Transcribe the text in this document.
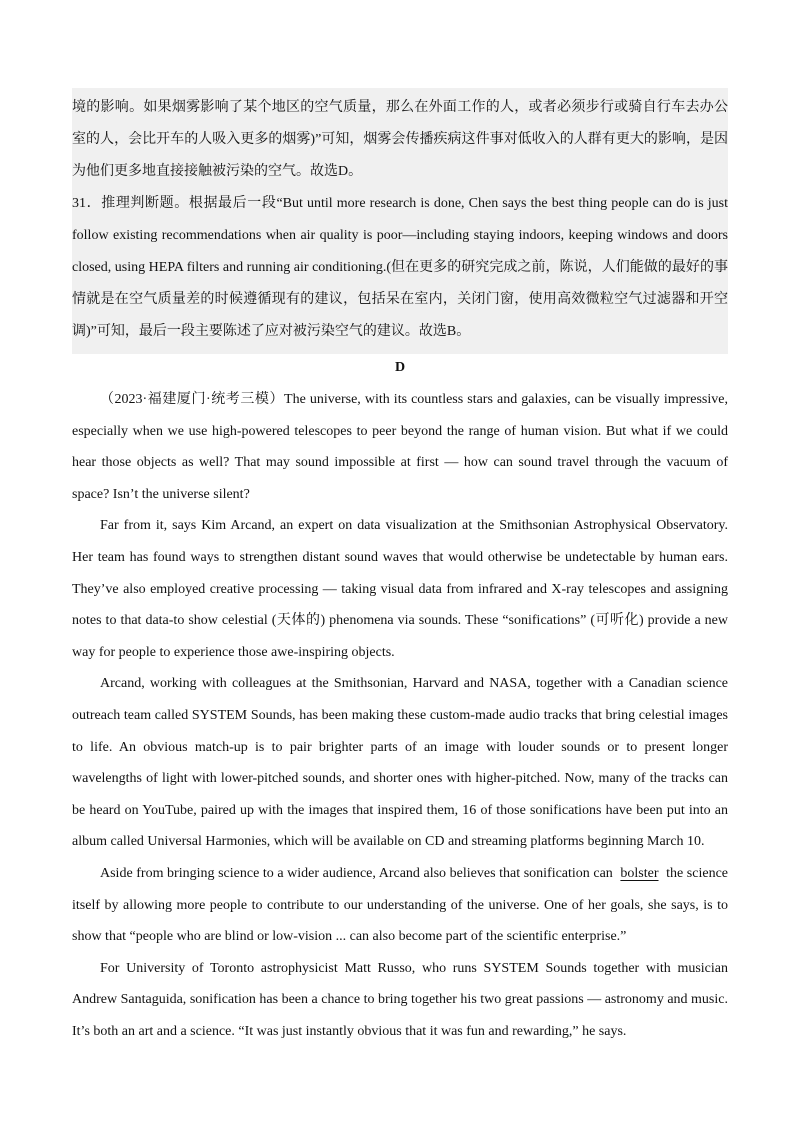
境的影响。如果烟雾影响了某个地区的空气质量，那么在外面工作的人，或者必须步行或骑自行车去办公室的人，会比开车的人吸入更多的烟雾)”可知，烟雾会传播疾病这件事对低收入的人群有更大的影响，是因为他们更多地直接接触被污染的空气。故选D。

31．推理判断题。根据最后一段“But until more research is done, Chen says the best thing people can do is just follow existing recommendations when air quality is poor—including staying indoors, keeping windows and doors closed, using HEPA filters and running air conditioning.(但在更多的研究完成之前，陈说，人们能做的最好的事情就是在空气质量差的时候遵循现有的建议，包括呆在室内，关闭门窗，使用高效微粒空气过滤器和开空调)”可知，最后一段主要陈述了应对被污染空气的建议。故选B。

D

（2023·福建厦门·统考三模）The universe, with its countless stars and galaxies, can be visually impressive, especially when we use high-powered telescopes to peer beyond the range of human vision. But what if we could hear those objects as well? That may sound impossible at first — how can sound travel through the vacuum of space? Isn’t the universe silent?

Far from it, says Kim Arcand, an expert on data visualization at the Smithsonian Astrophysical Observatory. Her team has found ways to strengthen distant sound waves that would otherwise be undetectable by human ears. They’ve also employed creative processing — taking visual data from infrared and X-ray telescopes and assigning notes to that data-to show celestial (天体的) phenomena via sounds. These “sonifications” (可听化) provide a new way for people to experience those awe-inspiring objects.

Arcand, working with colleagues at the Smithsonian, Harvard and NASA, together with a Canadian science outreach team called SYSTEM Sounds, has been making these custom-made audio tracks that bring celestial images to life. An obvious match-up is to pair brighter parts of an image with louder sounds or to present longer wavelengths of light with lower-pitched sounds, and shorter ones with higher-pitched. Now, many of the tracks can be heard on YouTube, paired up with the images that inspired them, 16 of those sonifications have been put into an album called Universal Harmonies, which will be available on CD and streaming platforms beginning March 10.

Aside from bringing science to a wider audience, Arcand also believes that sonification can bolster the science itself by allowing more people to contribute to our understanding of the universe. One of her goals, she says, is to show that “people who are blind or low-vision ... can also become part of the scientific enterprise.”

For University of Toronto astrophysicist Matt Russo, who runs SYSTEM Sounds together with musician Andrew Santaguida, sonification has been a chance to bring together his two great passions — astronomy and music. It’s both an art and a science. “It was just instantly obvious that it was fun and rewarding,” he says.
